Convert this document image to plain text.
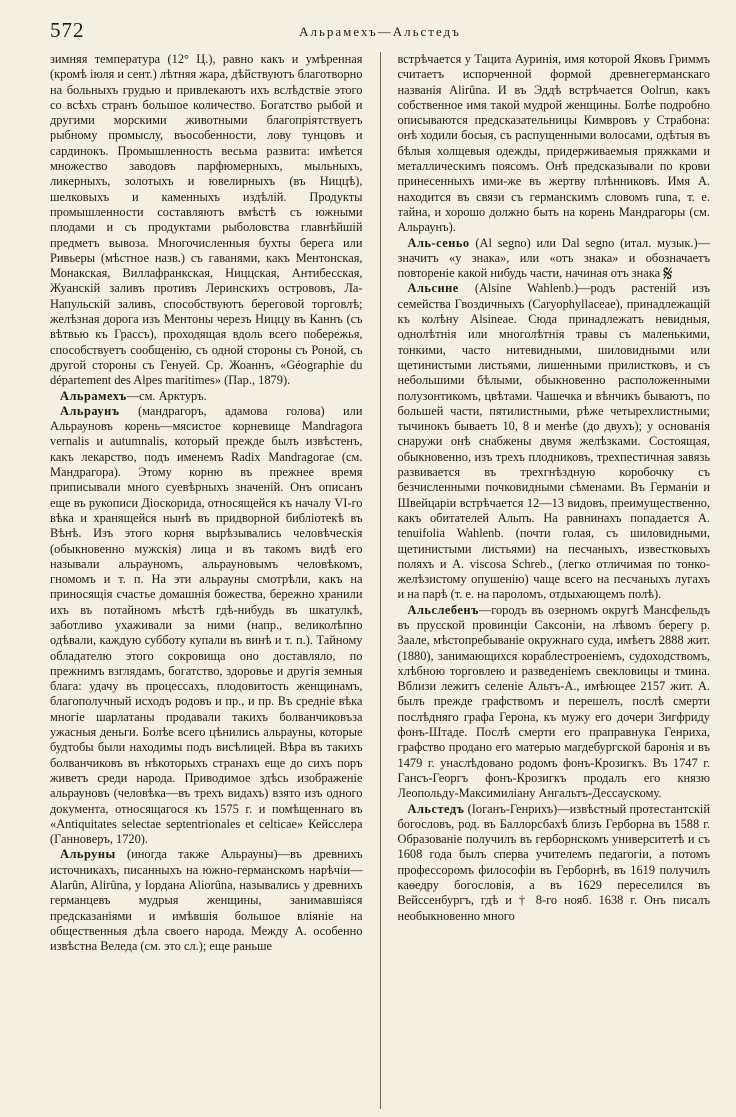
572	Альрамехъ—Альстедъ

зимняя температура (12° Ц.), равно какъ и умѣренная (кромѣ іюля и сент.) лѣтняя жара, дѣйствуютъ благотворно на больныхъ грудью и привлекаютъ ихъ вслѣдствіе этого со всѣхъ странъ большое количество. Богатство рыбой и другими морскими животными благопріятствуетъ рыбному промыслу, въособенности, лову тунцовъ и сардинокъ. Промышленность весьма развита: имѣется множество заводовъ парфюмерныхъ, мыльныхъ, ликерныхъ, золотыхъ и ювелирныхъ (въ Ниццѣ), шелковыхъ и каменныхъ издѣлій. Продукты промышленности составляютъ вмѣстѣ съ южными плодами и съ продуктами рыболовства главнѣйшій предметъ вывоза. Многочисленныя бухты берега или Ривьеры (мѣстное назв.) съ гаванями, какъ Ментонская, Монакская, Виллафранкская, Ниццская, Антибесская, Жуанскій заливъ противъ Леринскихъ острововъ, Ла-Напульскій заливъ, способствуютъ береговой торговлѣ; желѣзная дорога изъ Ментоны черезъ Ниццу въ Каннъ (съ вѣтвью къ Грассъ), проходящая вдоль всего побережья, способствуетъ сообщенію, съ одной стороны съ Роной, съ другой стороны съ Генуей. Ср. Жоаннъ, «Géographie du département des Alpes maritimes» (Пар., 1879).

Альрамехъ—см. Арктуръ.

Альраунъ (мандрагоръ, адамова голова) или Альрауновъ корень—мясистое корневище Mandragora vernalis и autumnalis, который прежде былъ извѣстенъ, какъ лекарство, подъ именемъ Radix Mandragorae (см. Мандрагора). Этому корню въ прежнее время приписывали много суевѣрныхъ значеній. Онъ описанъ еще въ рукописи Діоскорида, относящейся къ началу VI-го вѣка и хранящейся нынѣ въ придворной библіотекѣ въ Вѣнѣ. Изъ этого корня вырѣзывались человѣческія (обыкновенно мужскія) лица и въ такомъ видѣ его называли альрауномъ, альрауновымъ человѣкомъ, гномомъ и т. п. На эти альрауны смотрѣли, какъ на приносящія счастье домашнія божества, бережно хранили ихъ въ потайномъ мѣстѣ гдѣ-нибудь въ шкатулкѣ, заботливо ухаживали за ними (напр., великолѣпно одѣвали, каждую субботу купали въ винѣ и т. п.). Тайному обладателю этого сокровища оно доставляло, по прежнимъ взглядамъ, богатство, здоровье и другія земныя блага: удачу въ процессахъ, плодовитость женщинамъ, благополучный исходъ родовъ и пр., и пр. Въ средніе вѣка многіе шарлатаны продавали такихъ болванчиковъза ужасныя деньги. Болѣе всего цѣнились альрауны, которые будтобы были находимы подъ висѣлицей. Вѣра въ такихъ болванчиковъ въ нѣкоторыхъ странахъ еще до сихъ поръ живетъ среди народа. Приводимое здѣсь изображеніе альрауновъ (человѣка—въ трехъ видахъ) взято изъ одного документа, относящагося къ 1575 г. и помѣщеннаго въ «Antiquitates selectae septentrionales et celticae» Кейсслера (Ганноверъ, 1720).

Альруны (иногда также Альрауны)—въ древнихъ источникахъ, писанныхъ на южно-германскомъ нарѣчіи—Alarûn, Alirûna, у Іордана Aliorûna, назывались у древнихъ германцевъ мудрыя женщины, занимавшіяся предсказаніями и имѣвшія большое вліяніе на общественныя дѣла своего народа. Между А. особенно извѣстна Веледа (см. это сл.); еще раньше

встрѣчается у Тацита Ауринія, имя которой Яковъ Гриммъ считаетъ испорченной формой древнегерманскаго названія Alirûna. И въ Эддѣ встрѣчается Oolrun, какъ собственное имя такой мудрой женщины. Болѣе подробно описываются предсказательницы Кимвровъ у Страбона: онѣ ходили босыя, съ распущенными волосами, одѣтыя въ бѣлыя холщевыя одежды, придерживаемыя пряжками и металлическимъ поясомъ. Онѣ предсказывали по крови принесенныхъ ими-же въ жертву плѣнниковъ. Имя А. находится въ связи съ германскимъ словомъ runa, т. е. тайна, и хорошо должно быть на корень Мандрагоры (см. Альраунъ).

Аль-сеньо (Al segno) или Dal segno (итал. музык.)—значитъ «у знака», или «отъ знака» и обозначаетъ повтореніе какой нибудь части, начиная отъ знака 𝄋

Альсине (Alsine Wahlenb.)—родъ растеній изъ семейства Гвоздичныхъ (Caryophyllaceae), принадлежащій къ колѣну Alsineae. Сюда принадлежатъ невидныя, однолѣтнія или многолѣтнія травы съ маленькими, тонкими, часто нитевидными, шиловидными или щетинистыми листьями, лишенными прилистковъ, и съ небольшими бѣлыми, обыкновенно расположенными полузонтикомъ, цвѣтами. Чашечка и вѣнчикъ бываютъ, по большей части, пятилистными, рѣже четырехлистными; тычинокъ бываетъ 10, 8 и менѣе (до двухъ); у основанія снаружи онѣ снабжены двумя желѣзками. Состоящая, обыкновенно, изъ трехъ плодниковъ, трехпестичная завязь развивается въ трехгнѣздную коробочку съ безчисленными почковидными сѣменами. Въ Германіи и Швейцаріи встрѣчается 12—13 видовъ, преимущественно, какъ обитателей Альпъ. На равнинахъ попадается A. tenuifolia Wahlenb. (почти голая, съ шиловидными, щетинистыми листьями) на песчаныхъ, известковыхъ поляхъ и A. viscosa Schreb., (легко отличимая по тонко-желѣзистому опушенію) чаще всего на песчаныхъ лугахъ и на парѣ (т. е. на пароломъ, отдыхающемъ полѣ).

Альслебенъ—городъ въ озерномъ округѣ Мансфельдъ въ прусской провинціи Саксоніи, на лѣвомъ берегу р. Заале, мѣстопребываніе окружнаго суда, имѣетъ 2888 жит. (1880), занимающихся кораблестроеніемъ, судоходствомъ, хлѣбною торговлею и разведеніемъ свекловицы и тмина. Вблизи лежитъ селеніе Альтъ-А., имѣющее 2157 жит. А. былъ прежде графствомъ и перешелъ, послѣ смерти послѣдняго графа Герона, къ мужу его дочери Зигфриду фонъ-Штаде. Послѣ смерти его праправнука Генриха, графство продано его матерью магдебургской баронія и въ 1479 г. унаслѣдовано родомъ фонъ-Крозигкъ. Въ 1747 г. Гансъ-Георгъ фонъ-Крозигкъ продалъ его князю Леопольду-Максимиліану Ангальтъ-Дессаускому.

Альстедъ (Іоганъ-Генрихъ)—извѣстный протестантскій богословъ, род. въ Баллорсбахѣ близъ Герборна въ 1588 г. Образованіе получилъ въ герборнскомъ университетѣ и съ 1608 года былъ сперва учителемъ педагогіи, а потомъ профессоромъ философіи въ Герборнѣ, въ 1619 получилъ каѳедру богословія, а въ 1629 переселился въ Вейссенбургъ, гдѣ и † 8-го нояб. 1638 г. Онъ писалъ необыкновенно много
